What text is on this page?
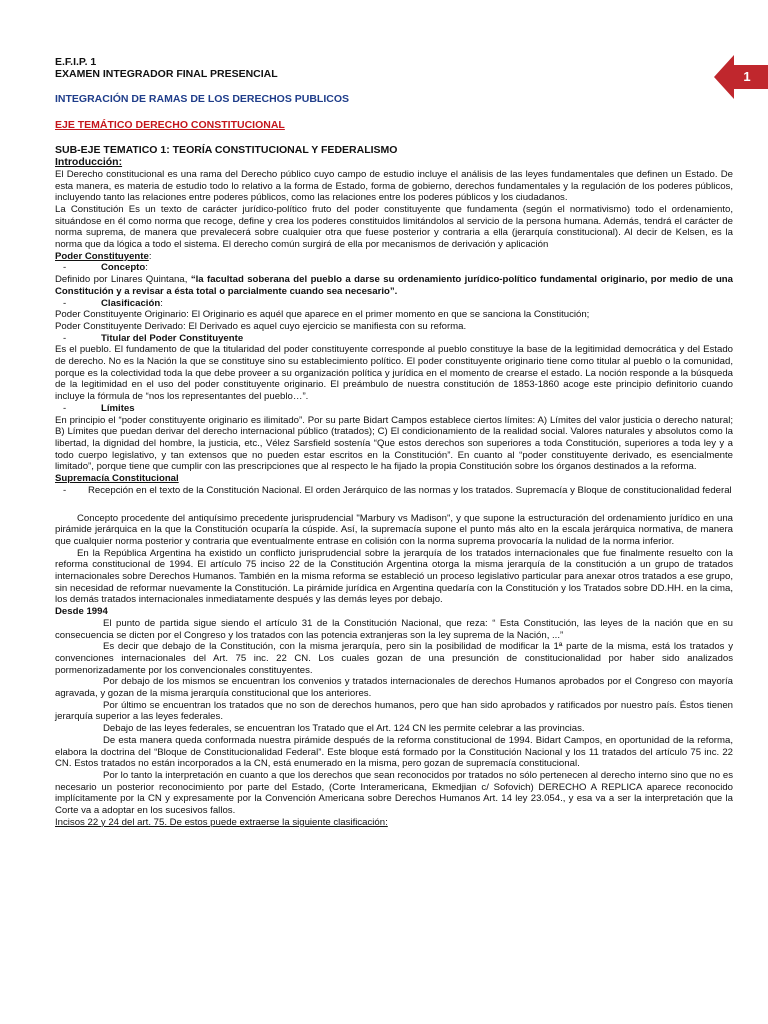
1
E.F.I.P. 1
EXAMEN INTEGRADOR FINAL PRESENCIAL
INTEGRACIÓN DE RAMAS DE LOS DERECHOS PUBLICOS
EJE TEMÁTICO DERECHO CONSTITUCIONAL
SUB-EJE TEMATICO 1: TEORÍA CONSTITUCIONAL Y FEDERALISMO
Introducción:

El Derecho constitucional es una rama del Derecho público cuyo campo de estudio incluye el análisis de las leyes fundamentales que definen un Estado. De esta manera, es materia de estudio todo lo relativo a la forma de Estado, forma de gobierno, derechos fundamentales y la regulación de los poderes públicos, incluyendo tanto las relaciones entre poderes públicos, como las relaciones entre los poderes públicos y los ciudadanos.

La Constitución Es un texto de carácter jurídico-político fruto del poder constituyente que fundamenta (según el normativismo) todo el ordenamiento, situándose en él como norma que recoge, define y crea los poderes constituidos limitándolos al servicio de la persona humana. Además, tendrá el carácter de norma suprema, de manera que prevalecerá sobre cualquier otra que fuese posterior y contraria a ella (jerarquía constitucional). Al decir de Kelsen, es la norma que da lógica a todo el sistema. El derecho común surgirá de ella por mecanismos de derivación y aplicación

Poder Constituyente:
-	Concepto:

Definido por Linares Quintana, “la facultad soberana del pueblo a darse su ordenamiento jurídico-político fundamental originario, por medio de una Constitución y a revisar a ésta total o parcialmente cuando sea necesario”.

-	Clasificación:

Poder Constituyente Originario: El Originario es aquél que aparece en el primer momento en que se sanciona la Constitución;

Poder Constituyente Derivado: El Derivado es aquel cuyo ejercicio se manifiesta con su reforma.

-	Titular del Poder Constituyente

Es el pueblo. El fundamento de que la titularidad del poder constituyente corresponde al pueblo constituye la base de la legitimidad democrática y del Estado de derecho. No es la Nación la que se constituye sino su establecimiento político. El poder constituyente originario tiene como titular al pueblo o la comunidad, porque es la colectividad toda la que debe proveer a su organización política y jurídica en el momento de crearse el estado. La noción responde a la búsqueda de la legitimidad en el uso del poder constituyente originario. El preámbulo de nuestra constitución de 1853-1860 acoge este principio definitorio cuando incluye la fórmula de “nos los representantes del pueblo…”.

-	Límites

En principio el “poder constituyente originario es ilimitado”. Por su parte Bidart Campos establece ciertos límites: A) Límites del valor justicia o derecho natural; B) Límites que puedan derivar del derecho internacional público (tratados); C) El condicionamiento de la realidad social. Valores naturales y absolutos como la libertad, la dignidad del hombre, la justicia, etc., Vélez Sarsfield sostenía “Que estos derechos son superiores a toda Constitución, superiores a toda ley y a todo cuerpo legislativo, y tan extensos que no pueden estar escritos en la Constitución”. En cuanto al “poder constituyente derivado, es esencialmente limitado”, porque tiene que cumplir con las prescripciones que al respecto le ha fijado la propia Constitución sobre los órganos destinados a la reforma.

Supremacía Constitucional
-	Recepción en el texto de la Constitución Nacional. El orden Jerárquico de las normas y los tratados. Supremacía y Bloque de constitucionalidad federal

Concepto procedente del antiquísimo precedente jurisprudencial "Marbury vs Madison", y que supone la estructuración del ordenamiento jurídico en una pirámide jerárquica en la que la Constitución ocuparía la cúspide. Así, la supremacía supone el punto más alto en la escala jerárquica normativa, de manera que cualquier norma posterior y contraria que eventualmente entrase en colisión con la norma suprema provocaría la nulidad de la norma inferior.

En la República Argentina ha existido un conflicto jurisprudencial sobre la jerarquía de los tratados internacionales que fue finalmente resuelto con la reforma constitucional de 1994. El artículo 75 inciso 22 de la Constitución Argentina otorga la misma jerarquía de la constitución a un grupo de tratados internacionales sobre Derechos Humanos. También en la misma reforma se estableció un proceso legislativo particular para anexar otros tratados a ese grupo, sin necesidad de reformar nuevamente la Constitución. La pirámide jurídica en Argentina quedaría con la Constitución y los Tratados sobre DD.HH. en la cima, los demás tratados internacionales inmediatamente después y las demás leyes por debajo.

Desde 1994

El punto de partida sigue siendo el artículo 31 de la Constitución Nacional, que reza: “ Esta Constitución, las leyes de la nación que en su consecuencia se dicten por el Congreso y los tratados con las potencia extranjeras son la ley suprema de la Nación, ...”

Es decir que debajo de la Constitución, con la misma jerarquía, pero sin la posibilidad de modificar la 1ª parte de la misma, está los tratados y convenciones internacionales del Art. 75 inc. 22 CN. Los cuales gozan de una presunción de constitucionalidad por haber sido analizados pormenorizadamente por los convencionales constituyentes.

Por debajo de los mismos se encuentran los convenios y tratados internacionales de derechos Humanos aprobados por el Congreso con mayoría agravada, y gozan de la misma jerarquía constitucional que los anteriores.

Por último se encuentran los tratados que no son de derechos humanos, pero que han sido aprobados y ratificados por nuestro país. Éstos tienen jerarquía superior a las leyes federales.

Debajo de las leyes federales, se encuentran los Tratado que el Art. 124 CN les permite celebrar a las provincias.

De esta manera queda conformada nuestra pirámide después de la reforma constitucional de 1994. Bidart Campos, en oportunidad de la reforma, elabora la doctrina del “Bloque de Constitucionalidad Federal”. Este bloque está formado por la Constitución Nacional y los 11 tratados del artículo 75 inc. 22 CN. Estos tratados no están incorporados a la CN, está enumerado en la misma, pero gozan de supremacía constitucional.

Por lo tanto la interpretación en cuanto a que los derechos que sean reconocidos por tratados no sólo pertenecen al derecho interno sino que no es necesario un posterior reconocimiento por parte del Estado, (Corte Interamericana, Ekmedjian c/ Sofovich) DERECHO A REPLICA aparece reconocido implícitamente por la CN y expresamente por la Convención Americana sobre Derechos Humanos Art. 14 ley 23.054., y esa va a ser la interpretación que la Corte va a adoptar en los sucesivos fallos.

Incisos 22 y 24 del art. 75. De estos puede extraerse la siguiente clasificación:
